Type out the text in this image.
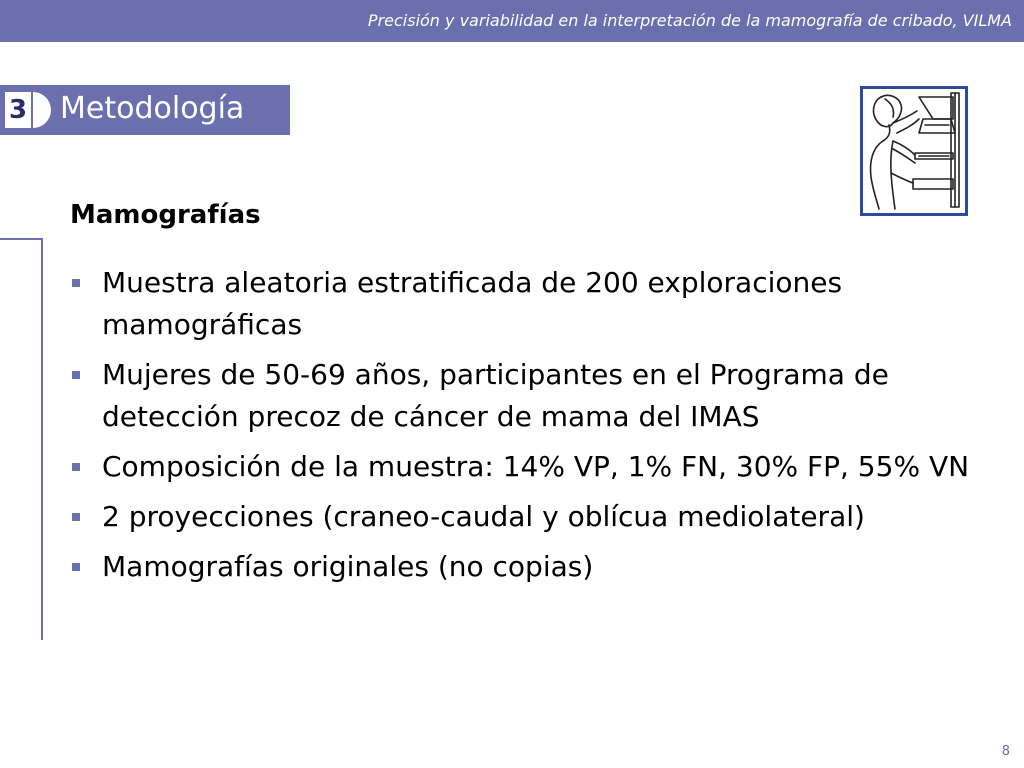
Precisión y variabilidad en la interpretación de la mamografía de cribado, VILMA
3 Metodología
Mamografías
Muestra aleatoria estratificada de 200 exploraciones mamográficas
Mujeres de 50-69 años, participantes en el Programa de detección precoz de cáncer de mama del IMAS
Composición de la muestra: 14% VP, 1% FN, 30% FP, 55% VN
2 proyecciones (craneo-caudal y oblícua mediolateral)
Mamografías originales (no copias)
8
